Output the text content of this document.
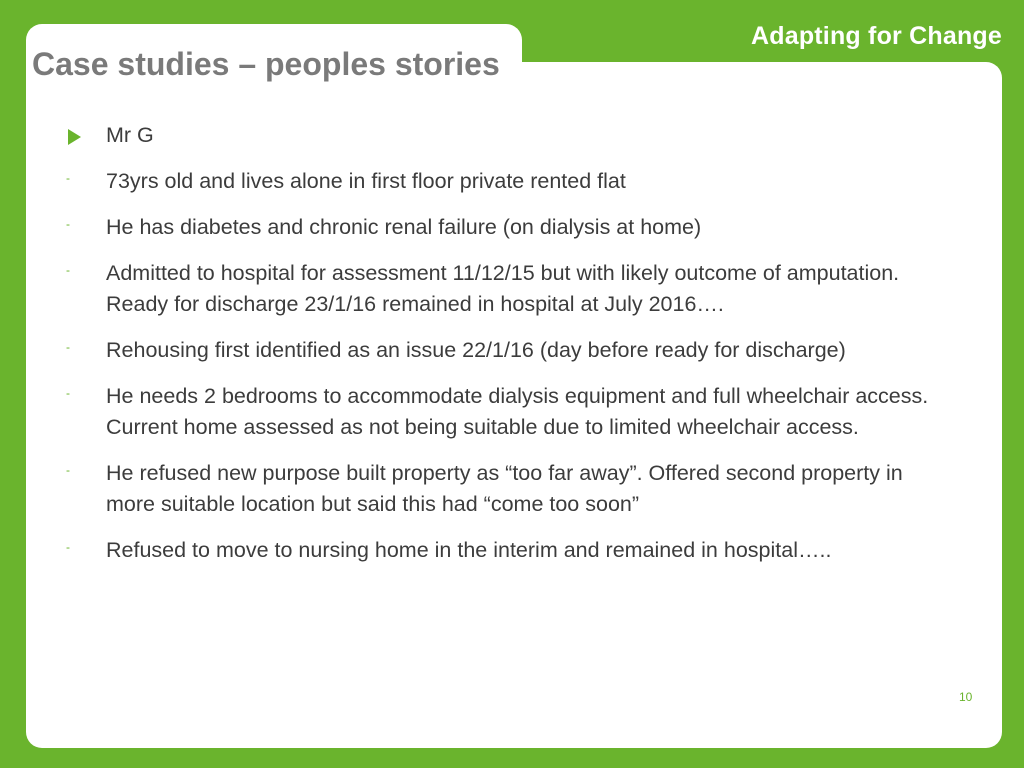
Adapting for Change
Case studies – peoples stories
Mr G
- 73yrs old and lives alone in first floor private rented flat
- He has diabetes and chronic renal failure (on dialysis at home)
- Admitted to hospital for assessment 11/12/15 but with likely outcome of amputation. Ready for discharge 23/1/16 remained in hospital at July 2016….
- Rehousing first identified as an issue 22/1/16 (day before ready for discharge)
- He needs 2 bedrooms to accommodate dialysis equipment and full wheelchair access. Current home assessed as not being suitable due to limited wheelchair access.
- He refused new purpose built property as “too far away”. Offered second property in more suitable location but said this had “come too soon”
- Refused to move to nursing home in the interim and remained in hospital…..
10
